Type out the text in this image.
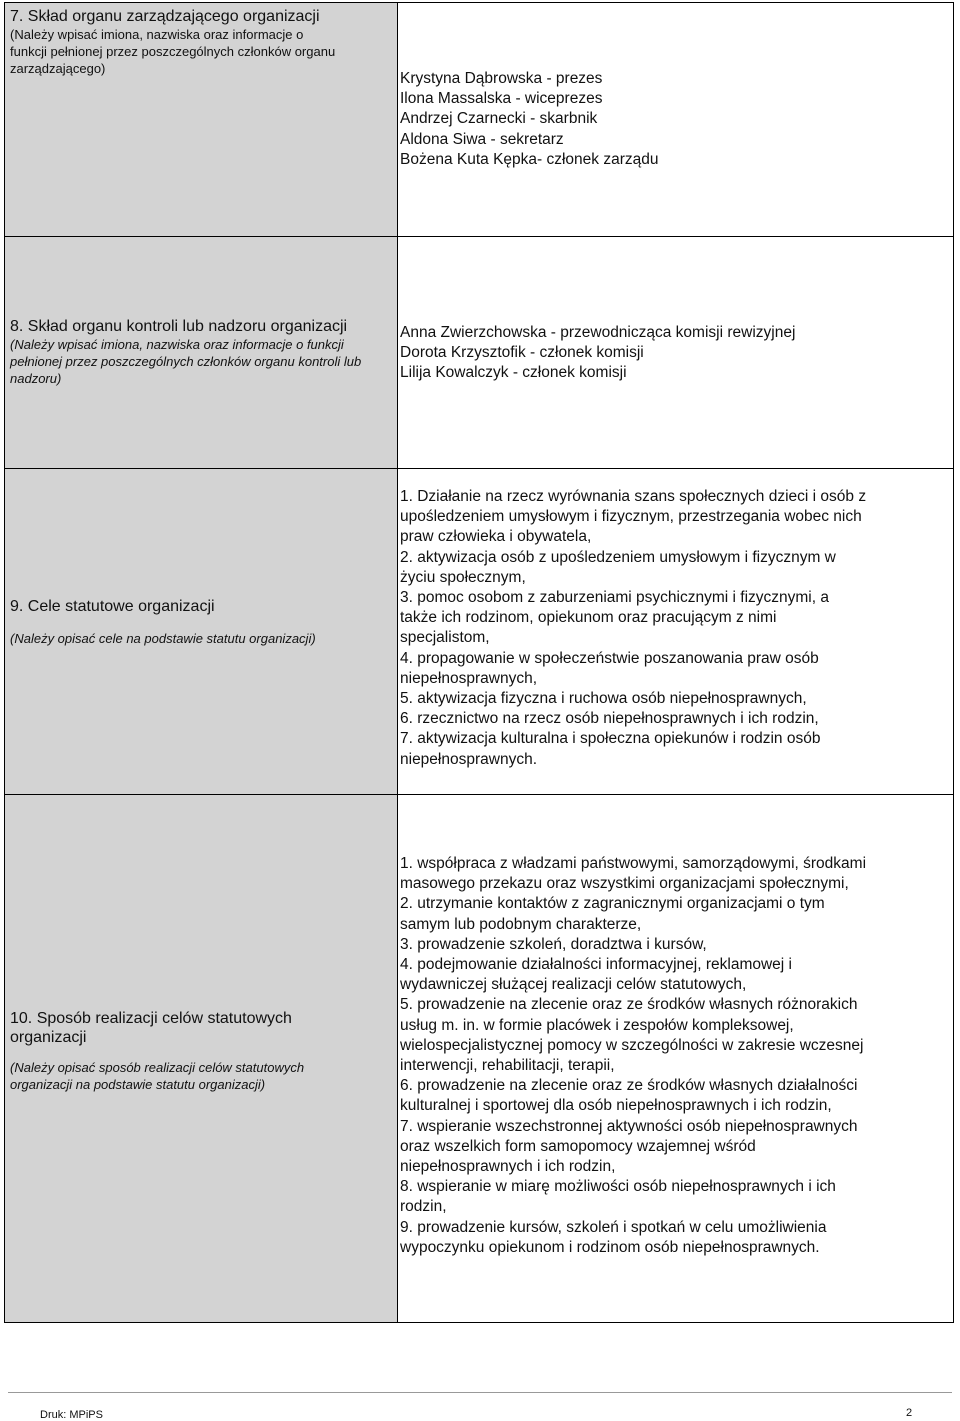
7. Skład organu zarządzającego organizacji
(Należy wpisać imiona, nazwiska oraz informacje o funkcji pełnionej przez poszczególnych członków organu zarządzającego)
Krystyna Dąbrowska - prezes
Ilona Massalska - wiceprezes
Andrzej Czarnecki - skarbnik
Aldona Siwa - sekretarz
Bożena Kuta Kępka- członek zarządu
8. Skład organu kontroli lub nadzoru organizacji
(Należy wpisać imiona, nazwiska oraz informacje o funkcji pełnionej przez poszczególnych członków organu kontroli lub nadzoru)
Anna Zwierzchowska - przewodnicząca komisji rewizyjnej
Dorota Krzysztofik - członek komisji
Lilija Kowalczyk - członek komisji
9. Cele statutowe organizacji
(Należy opisać cele na podstawie statutu organizacji)
1. Działanie na rzecz wyrównania szans społecznych dzieci i osób z
upośledzeniem umysłowym i fizycznym, przestrzegania wobec nich
praw człowieka i obywatela,
2. aktywizacja osób z upośledzeniem umysłowym i fizycznym w
życiu społecznym,
3. pomoc osobom z zaburzeniami psychicznymi i fizycznymi, a
także ich rodzinom, opiekunom oraz pracującym z nimi
specjalistom,
4. propagowanie w społeczeństwie poszanowania praw osób
niepełnosprawnych,
5. aktywizacja fizyczna i ruchowa osób niepełnosprawnych,
6. rzecznictwo na rzecz osób niepełnosprawnych i ich rodzin,
7. aktywizacja kulturalna i społeczna opiekunów i rodzin osób
niepełnosprawnych.
10. Sposób realizacji celów statutowych organizacji
(Należy opisać sposób realizacji celów statutowych organizacji na podstawie statutu organizacji)
1. współpraca z władzami państwowymi, samorządowymi, środkami
masowego przekazu oraz wszystkimi organizacjami społecznymi,
2. utrzymanie kontaktów z zagranicznymi organizacjami o tym
samym lub podobnym charakterze,
3. prowadzenie szkoleń, doradztwa i kursów,
4. podejmowanie działalności informacyjnej, reklamowej i
wydawniczej służącej realizacji celów statutowych,
5. prowadzenie na zlecenie oraz ze środków własnych różnorakich
usług m. in. w formie placówek i zespołów kompleksowej,
wielospecjalistycznej pomocy w szczególności w zakresie wczesnej
interwencji, rehabilitacji, terapii,
6. prowadzenie na zlecenie oraz ze środków własnych działalności
kulturalnej i sportowej dla osób niepełnosprawnych i ich rodzin,
7. wspieranie wszechstronnej aktywności osób niepełnosprawnych
oraz wszelkich form samopomocy wzajemnej wśród
niepełnosprawnych i ich rodzin,
8. wspieranie w miarę możliwości osób niepełnosprawnych i ich
rodzin,
9. prowadzenie kursów, szkoleń i spotkań w celu umożliwienia
wypoczynku opiekunom i rodzinom osób niepełnosprawnych.
Druk: MPiPS	2
